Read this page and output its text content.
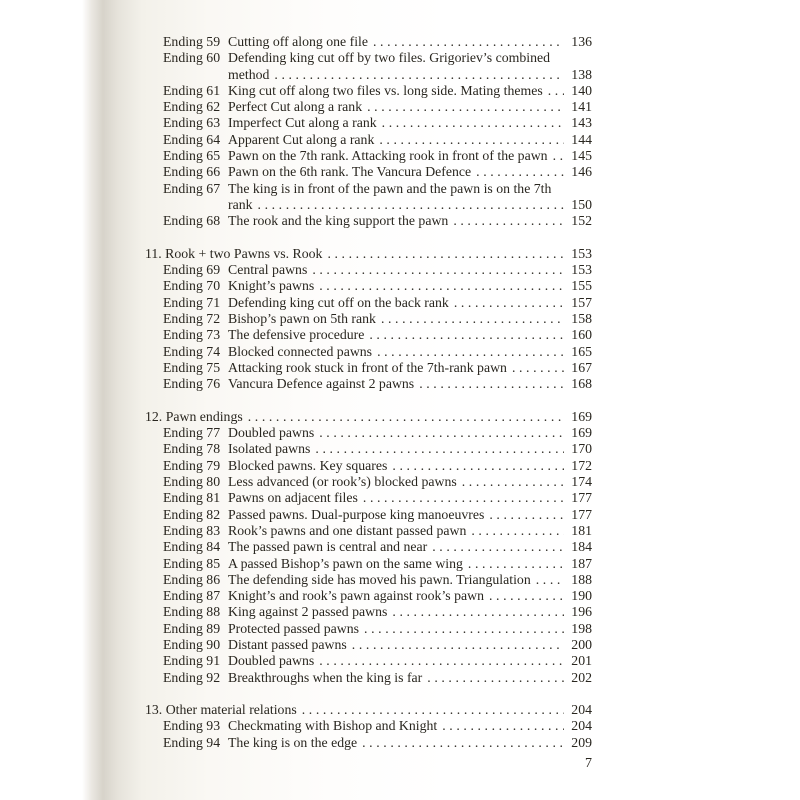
Ending 59 Cutting off along one file .....	136
Ending 60 Defending king cut off by two files. Grigoriev’s combined
method .....	138
Ending 61 King cut off along two files vs. long side. Mating themes .....	140
Ending 62 Perfect Cut along a rank .....	141
Ending 63 Imperfect Cut along a rank .....	143
Ending 64 Apparent Cut along a rank .....	144
Ending 65 Pawn on the 7th rank. Attacking rook in front of the pawn .....	145
Ending 66 Pawn on the 6th rank. The Vancura Defence .....	146
Ending 67 The king is in front of the pawn and the pawn is on the 7th
rank .....	150
Ending 68 The rook and the king support the pawn .....	152
11. Rook + two Pawns vs. Rook .....	153
Ending 69 Central pawns .....	153
Ending 70 Knight’s pawns .....	155
Ending 71 Defending king cut off on the back rank .....	157
Ending 72 Bishop’s pawn on 5th rank .....	158
Ending 73 The defensive procedure .....	160
Ending 74 Blocked connected pawns .....	165
Ending 75 Attacking rook stuck in front of the 7th-rank pawn .....	167
Ending 76 Vancura Defence against 2 pawns .....	168
12. Pawn endings .....	169
Ending 77 Doubled pawns .....	169
Ending 78 Isolated pawns .....	170
Ending 79 Blocked pawns. Key squares .....	172
Ending 80 Less advanced (or rook’s) blocked pawns .....	174
Ending 81 Pawns on adjacent files .....	177
Ending 82 Passed pawns. Dual-purpose king manoeuvres .....	177
Ending 83 Rook’s pawns and one distant passed pawn .....	181
Ending 84 The passed pawn is central and near .....	184
Ending 85 A passed Bishop’s pawn on the same wing .....	187
Ending 86 The defending side has moved his pawn. Triangulation .....	188
Ending 87 Knight’s and rook’s pawn against rook’s pawn .....	190
Ending 88 King against 2 passed pawns .....	196
Ending 89 Protected passed pawns .....	198
Ending 90 Distant passed pawns .....	200
Ending 91 Doubled pawns .....	201
Ending 92 Breakthroughs when the king is far .....	202
13. Other material relations .....	204
Ending 93 Checkmating with Bishop and Knight .....	204
Ending 94 The king is on the edge .....	209
7
